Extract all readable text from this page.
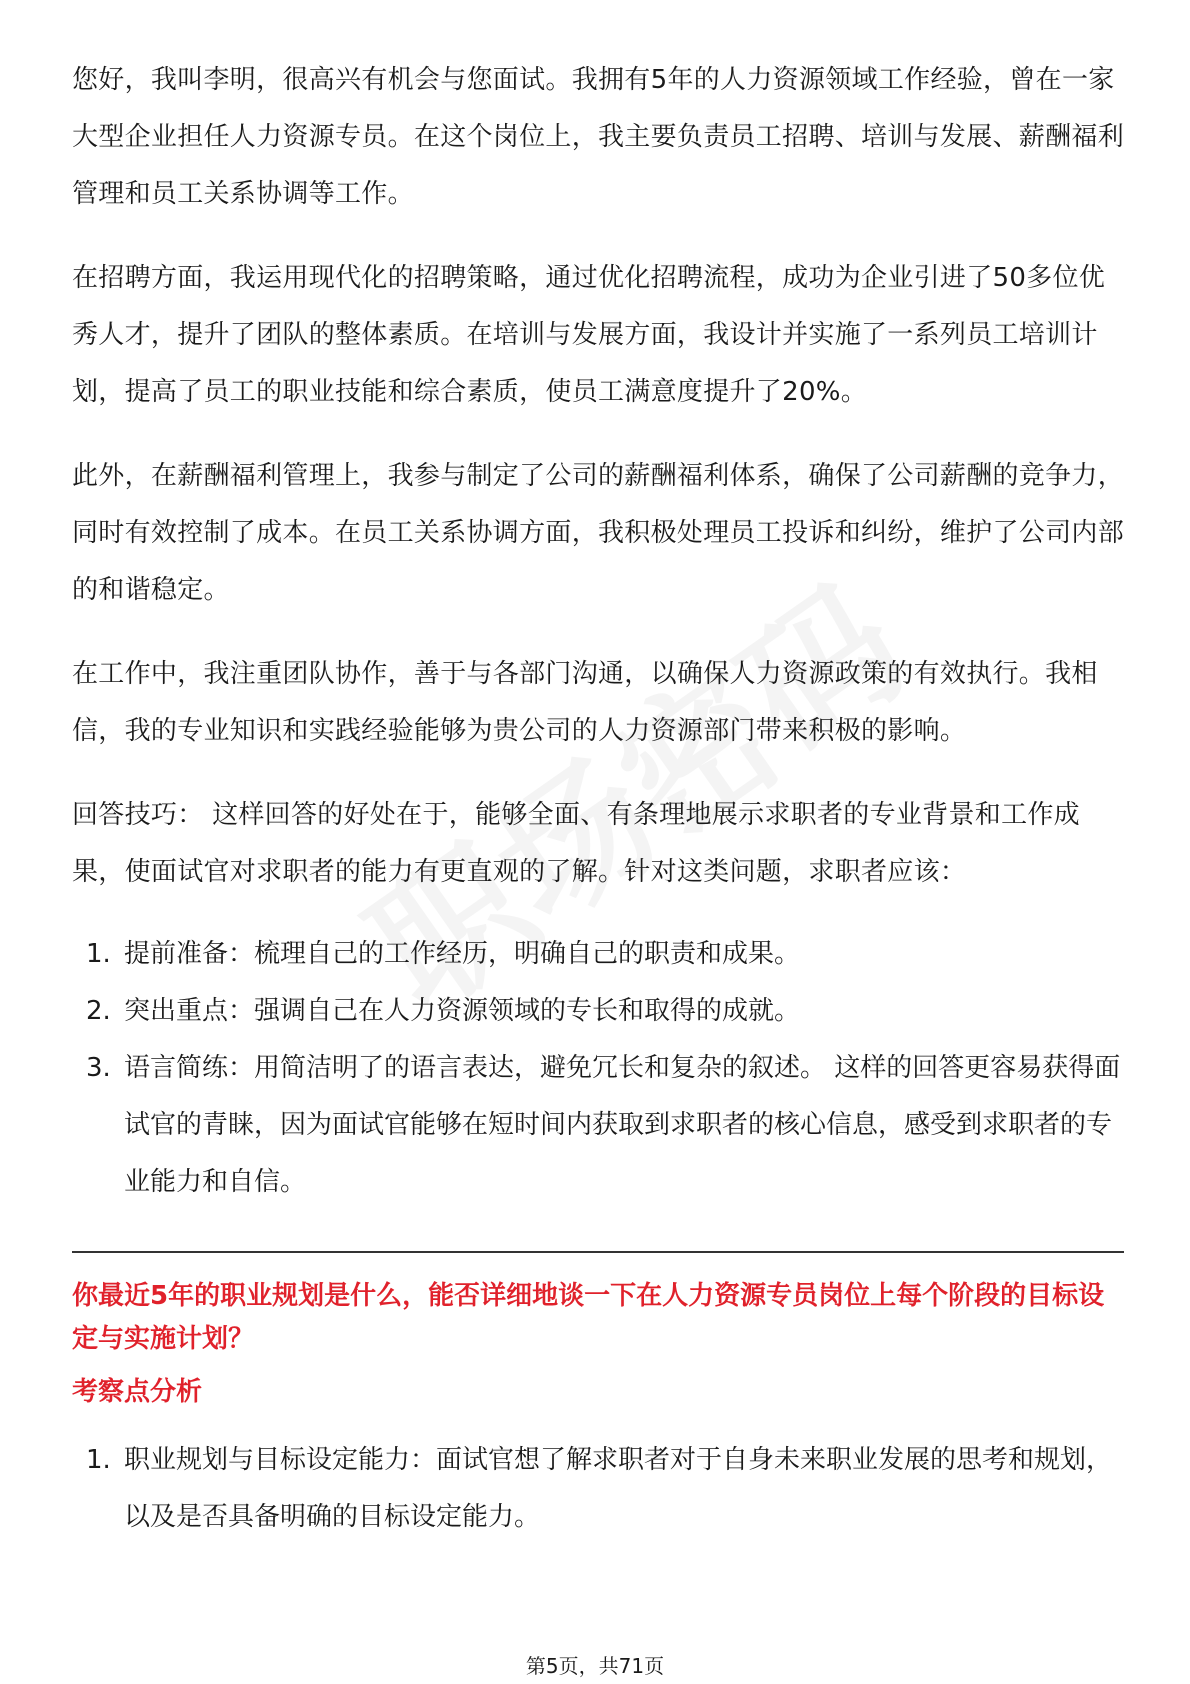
您好，我叫李明，很高兴有机会与您面试。我拥有5年的人力资源领域工作经验，曾在一家大型企业担任人力资源专员。在这个岗位上，我主要负责员工招聘、培训与发展、薪酬福利管理和员工关系协调等工作。

在招聘方面，我运用现代化的招聘策略，通过优化招聘流程，成功为企业引进了50多位优秀人才，提升了团队的整体素质。在培训与发展方面，我设计并实施了一系列员工培训计划，提高了员工的职业技能和综合素质，使员工满意度提升了20%。

此外，在薪酬福利管理上，我参与制定了公司的薪酬福利体系，确保了公司薪酬的竞争力，同时有效控制了成本。在员工关系协调方面，我积极处理员工投诉和纠纷，维护了公司内部的和谐稳定。

在工作中，我注重团队协作，善于与各部门沟通，以确保人力资源政策的有效执行。我相信，我的专业知识和实践经验能够为贵公司的人力资源部门带来积极的影响。

回答技巧： 这样回答的好处在于，能够全面、有条理地展示求职者的专业背景和工作成果，使面试官对求职者的能力有更直观的了解。针对这类问题，求职者应该：

1. 提前准备：梳理自己的工作经历，明确自己的职责和成果。
2. 突出重点：强调自己在人力资源领域的专长和取得的成就。
3. 语言简练：用简洁明了的语言表达，避免冗长和复杂的叙述。 这样的回答更容易获得面试官的青睐，因为面试官能够在短时间内获取到求职者的核心信息，感受到求职者的专业能力和自信。

你最近5年的职业规划是什么，能否详细地谈一下在人力资源专员岗位上每个阶段的目标设定与实施计划？

考察点分析

1. 职业规划与目标设定能力：面试官想了解求职者对于自身未来职业发展的思考和规划，以及是否具备明确的目标设定能力。
第5页，共71页
